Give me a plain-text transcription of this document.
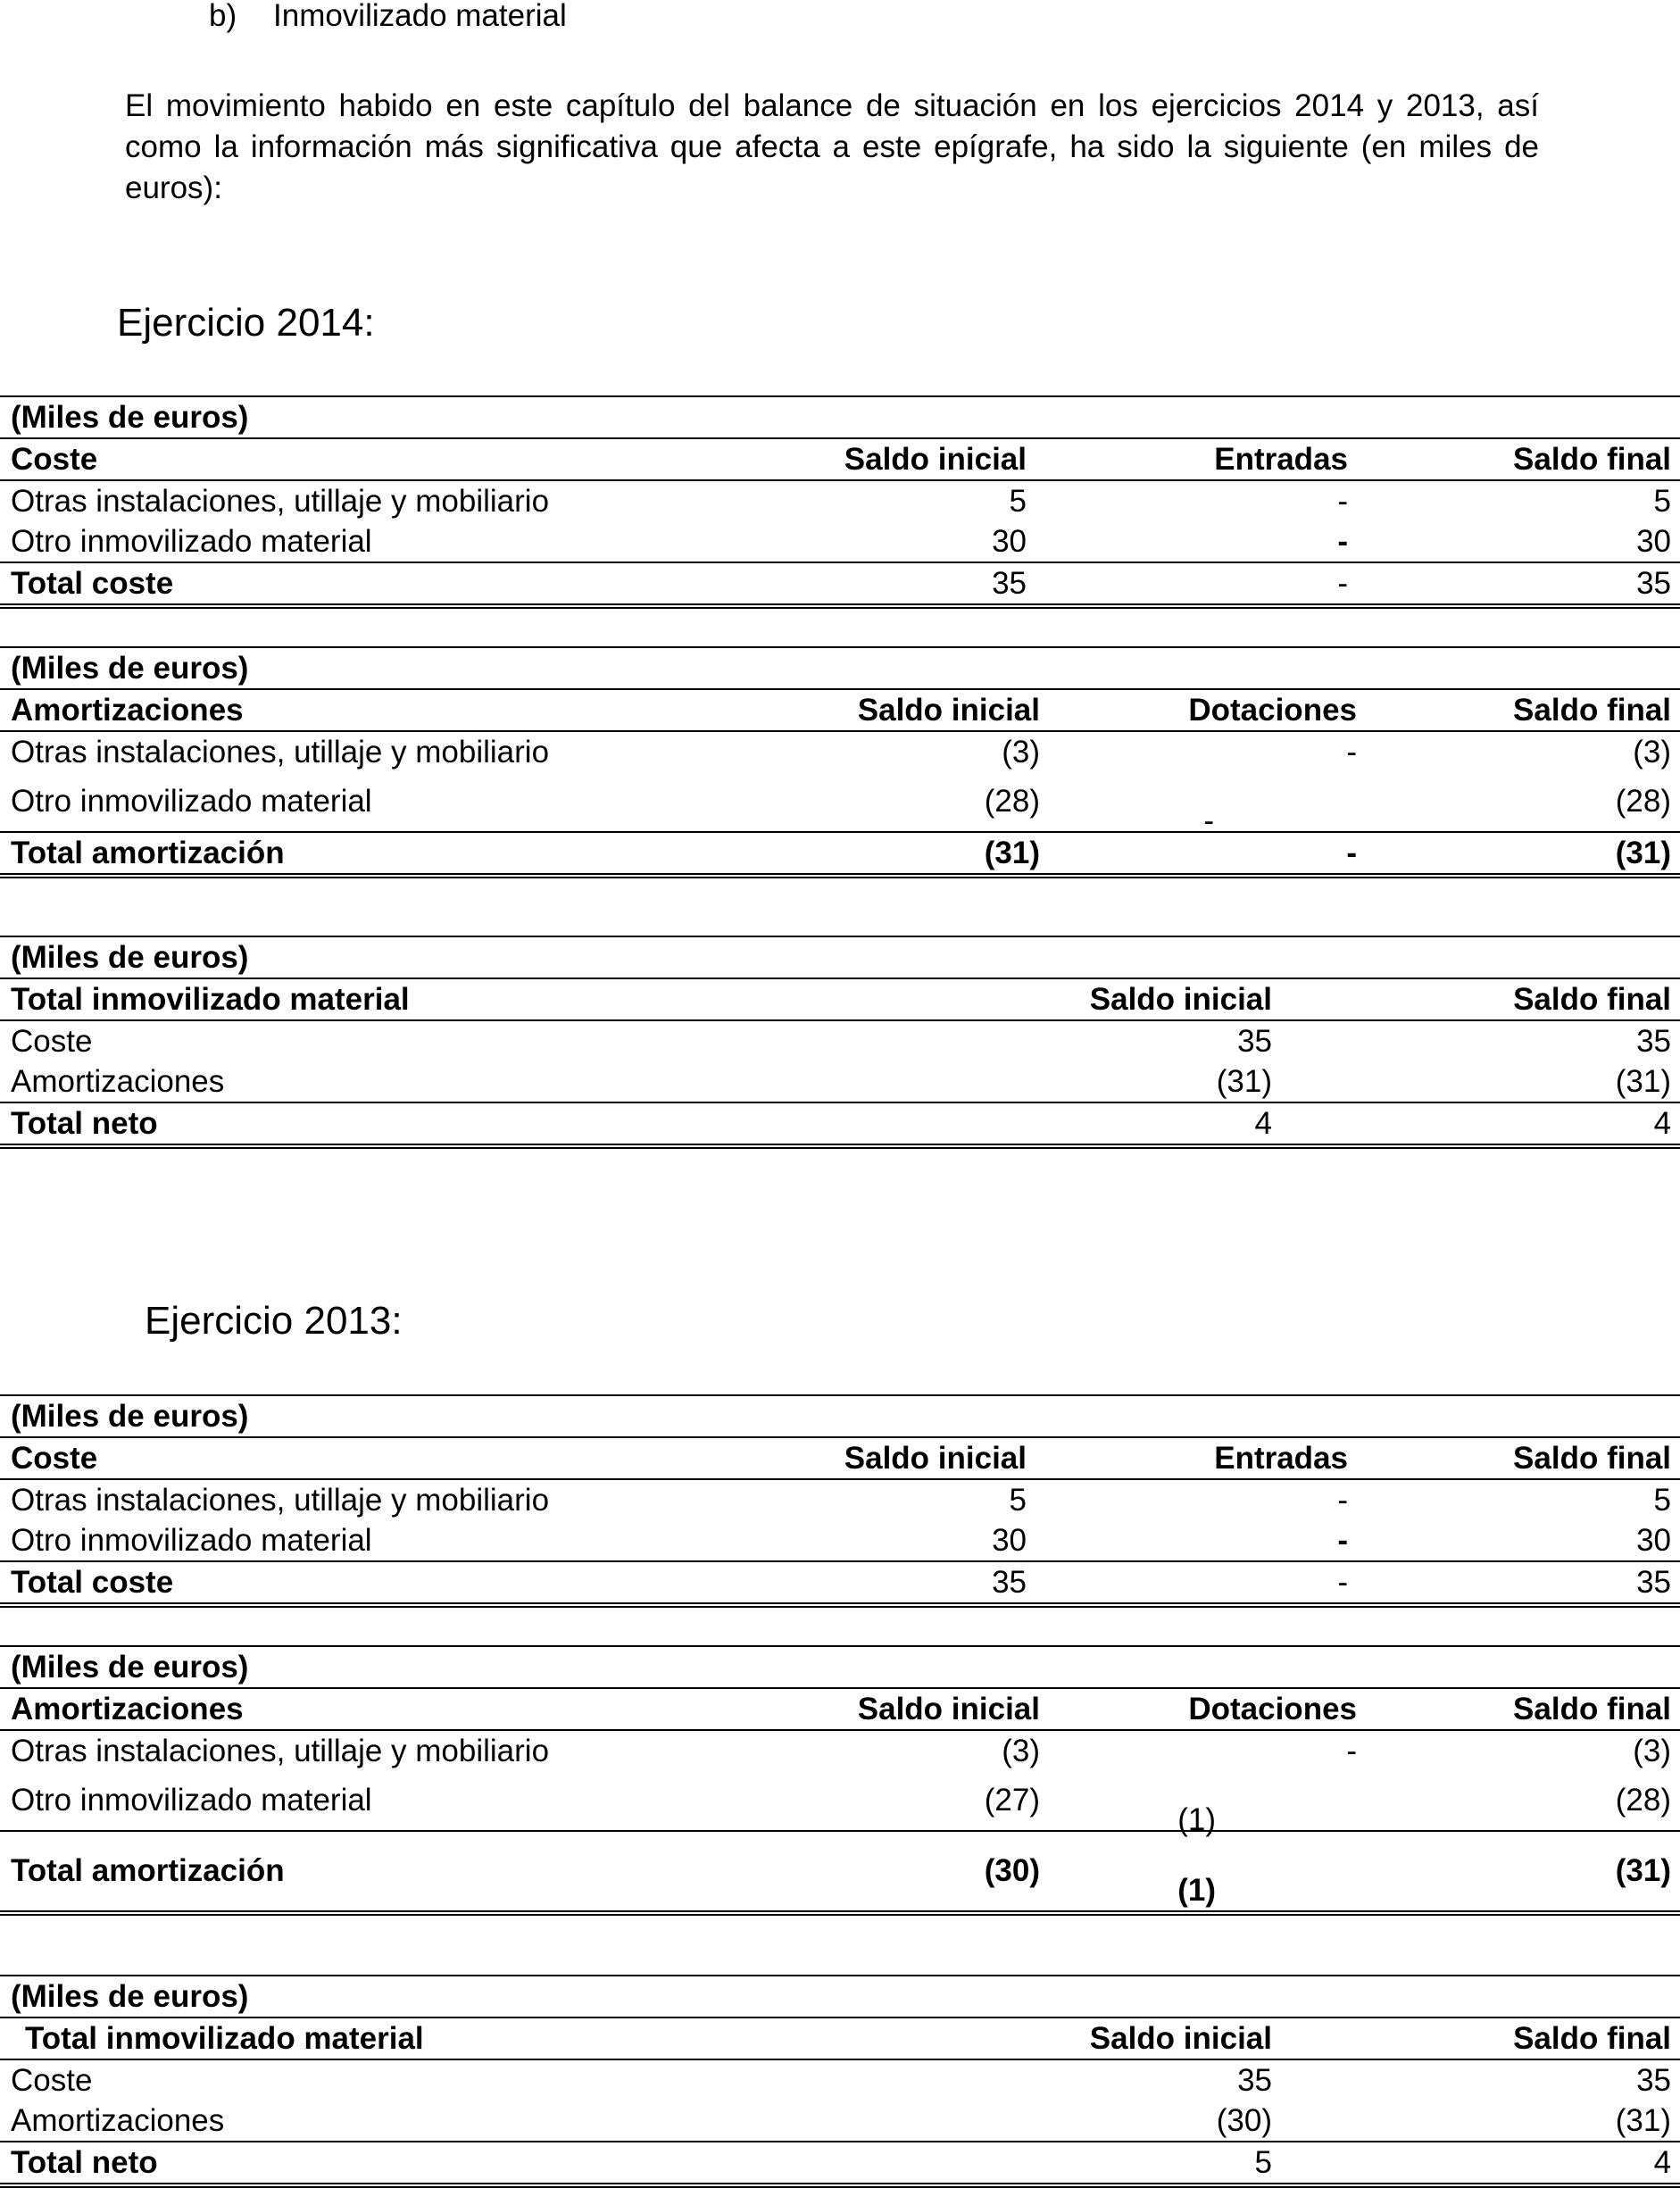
b) Inmovilizado material
El movimiento habido en este capítulo del balance de situación en los ejercicios 2014 y 2013, así como la información más significativa que afecta a este epígrafe, ha sido la siguiente (en miles de euros):
Ejercicio 2014:
(Miles de euros)			
Coste	Saldo inicial	Entradas	Saldo final
Otras instalaciones, utillaje y mobiliario	5	-	5
Otro inmovilizado material	30	-	30
Total coste	35	-	35
(Miles de euros)			
Amortizaciones	Saldo inicial	Dotaciones	Saldo final
Otras instalaciones, utillaje y mobiliario	(3)	-	(3)
Otro inmovilizado material	(28)	-	(28)
Total amortización	(31)	-	(31)
(Miles de euros)		
Total inmovilizado material	Saldo inicial	Saldo final
Coste	35	35
Amortizaciones	(31)	(31)
Total neto	4	4
Ejercicio 2013:
(Miles de euros)			
Coste	Saldo inicial	Entradas	Saldo final
Otras instalaciones, utillaje y mobiliario	5	-	5
Otro inmovilizado material	30	-	30
Total coste	35	-	35
(Miles de euros)			
Amortizaciones	Saldo inicial	Dotaciones	Saldo final
Otras instalaciones, utillaje y mobiliario	(3)	-	(3)
Otro inmovilizado material	(27)	(1)	(28)
Total amortización	(30)	(1)	(31)
(Miles de euros)		
Total inmovilizado material	Saldo inicial	Saldo final
Coste	35	35
Amortizaciones	(30)	(31)
Total neto	5	4
